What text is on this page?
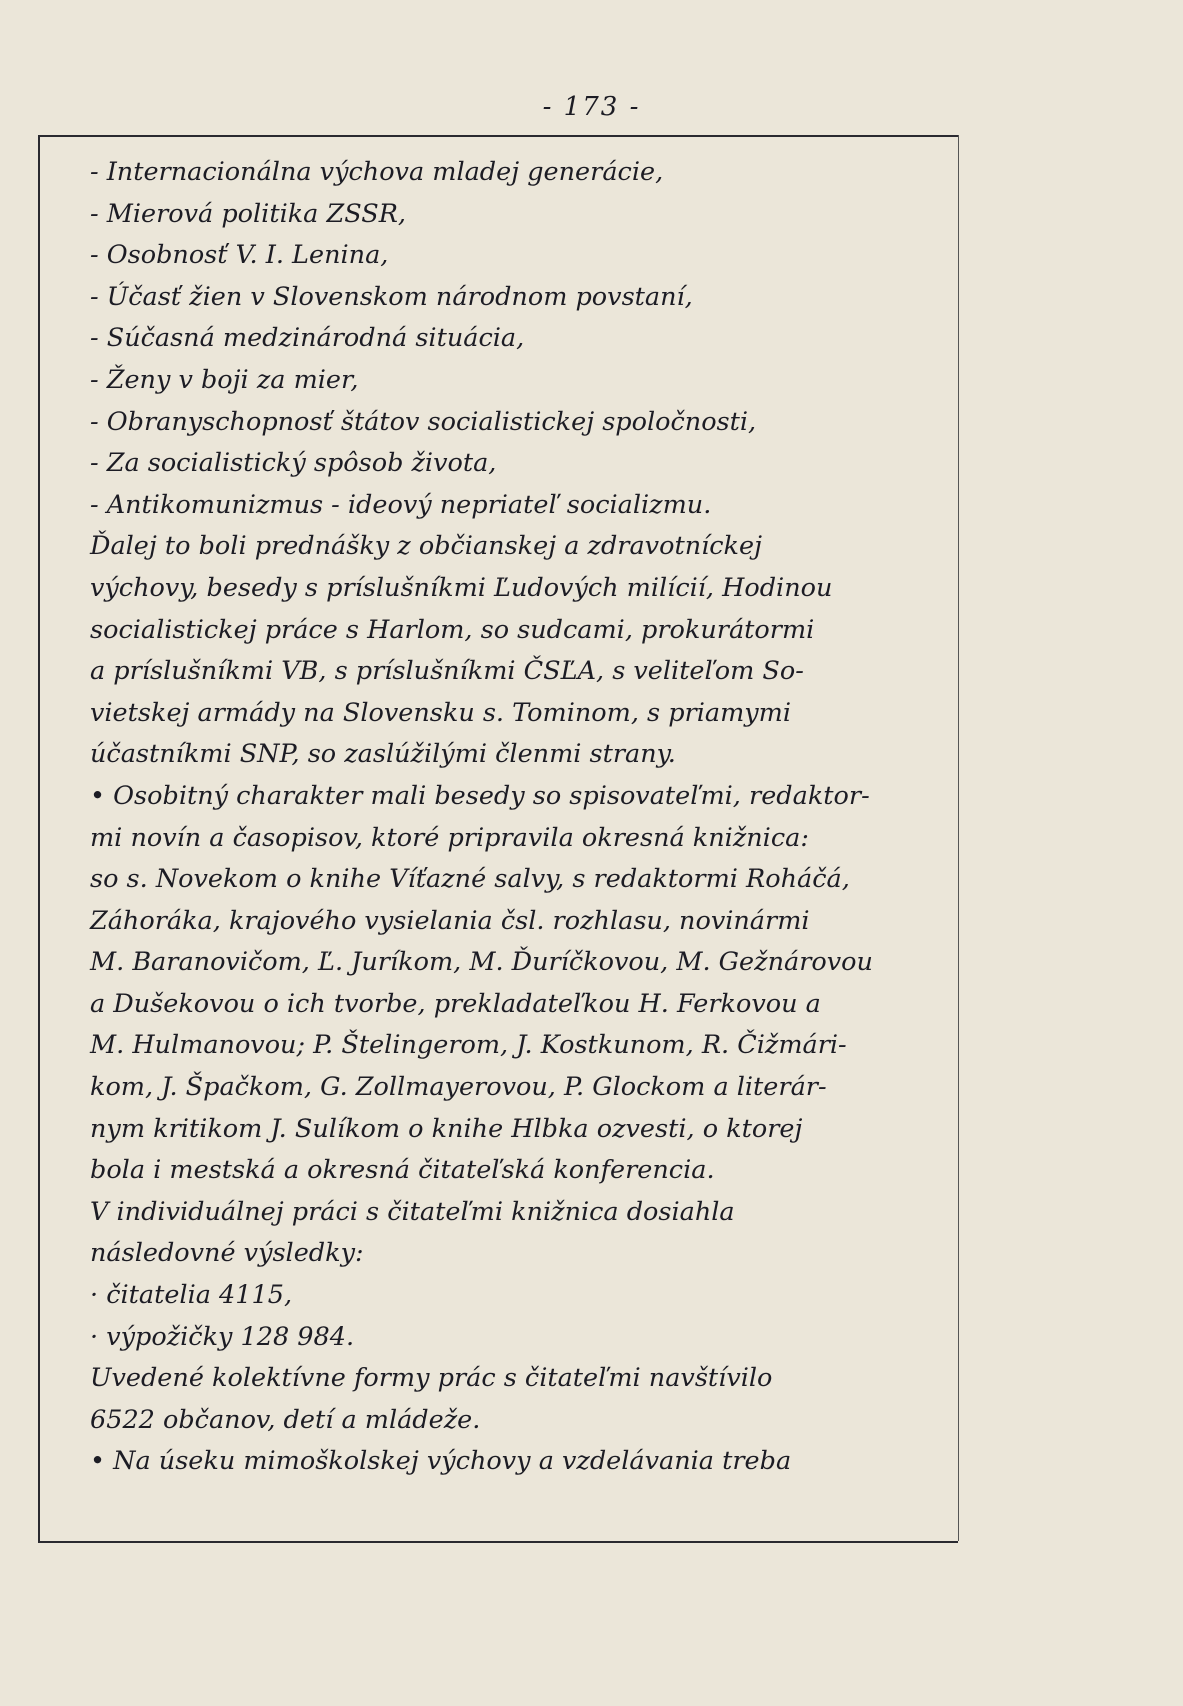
- 173 -
- Internacionálna výchova mladej generácie,
- Mierová politika ZSSR,
- Osobnosť V. I. Lenina,
- Účasť žien v Slovenskom národnom povstaní,
- Súčasná medzinárodná situácia,
- Ženy v boji za mier,
- Obranyschopnosť štátov socialistickej spoločnosti,
- Za socialistický spôsob života,
- Antikomunizmus - ideový nepriateľ socializmu.
Ďalej to boli prednášky z občianskej a zdravotníckej
výchovy, besedy s príslušníkmi Ľudových milícií, Hodinou
socialistickej práce s Harlom, so sudcami, prokurátormi
a príslušníkmi VB, s príslušníkmi ČSĽA, s veliteľom So-
vietskej armády na Slovensku s. Tominom, s priamymi
účastníkmi SNP, so zaslúžilými členmi strany.
• Osobitný charakter mali besedy so spisovateľmi, redaktor-
mi novín a časopisov, ktoré pripravila okresná knižnica:
so s. Novekom o knihe Víťazné salvy, s redaktormi Roháčá,
Záhoráka, krajového vysielania čsl. rozhlasu, novinármi
M. Baranovičom, Ľ. Juríkom, M. Ďuríčkovou, M. Gežnárovou
a Dušekovou o ich tvorbe, prekladateľkou H. Ferkovou a
M. Hulmanovou; P. Štelingerom, J. Kostkunom, R. Čižmári-
kom, J. Špačkom, G. Zollmayerovou, P. Glockom a literár-
nym kritikom J. Sulíkom o knihe Hlbka ozvesti, o ktorej
bola i mestská a okresná čitateľská konferencia.
V individuálnej práci s čitateľmi knižnica dosiahla
následovné výsledky:
· čitatelia 4115,
· výpožičky 128 984.
Uvedené kolektívne formy prác s čitateľmi navštívilo
6522 občanov, detí a mládeže.
• Na úseku mimoškolskej výchovy a vzdelávania treba
